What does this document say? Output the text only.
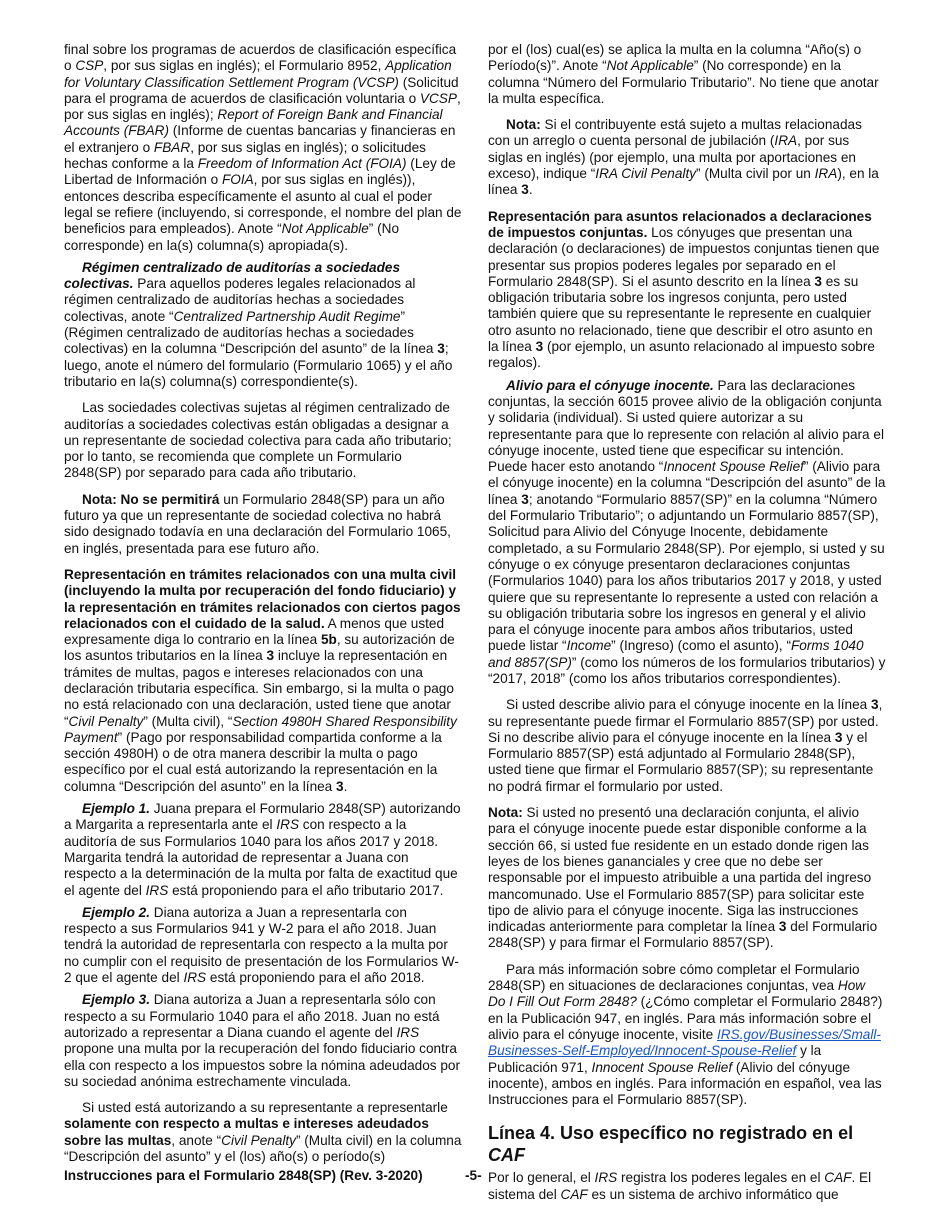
final sobre los programas de acuerdos de clasificación específica o CSP, por sus siglas en inglés); el Formulario 8952, Application for Voluntary Classification Settlement Program (VCSP) (Solicitud para el programa de acuerdos de clasificación voluntaria o VCSP, por sus siglas en inglés); Report of Foreign Bank and Financial Accounts (FBAR) (Informe de cuentas bancarias y financieras en el extranjero o FBAR, por sus siglas en inglés); o solicitudes hechas conforme a la Freedom of Information Act (FOIA) (Ley de Libertad de Información o FOIA, por sus siglas en inglés)), entonces describa específicamente el asunto al cual el poder legal se refiere (incluyendo, si corresponde, el nombre del plan de beneficios para empleados). Anote “Not Applicable” (No corresponde) en la(s) columna(s) apropiada(s).

Régimen centralizado de auditorías a sociedades colectivas. Para aquellos poderes legales relacionados al régimen centralizado de auditorías hechas a sociedades colectivas, anote “Centralized Partnership Audit Regime” (Régimen centralizado de auditorías hechas a sociedades colectivas) en la columna “Descripción del asunto” de la línea 3; luego, anote el número del formulario (Formulario 1065) y el año tributario en la(s) columna(s) correspondiente(s).

Las sociedades colectivas sujetas al régimen centralizado de auditorías a sociedades colectivas están obligadas a designar a un representante de sociedad colectiva para cada año tributario; por lo tanto, se recomienda que complete un Formulario 2848(SP) por separado para cada año tributario.

Nota: No se permitirá un Formulario 2848(SP) para un año futuro ya que un representante de sociedad colectiva no habrá sido designado todavía en una declaración del Formulario 1065, en inglés, presentada para ese futuro año.

Representación en trámites relacionados con una multa civil (incluyendo la multa por recuperación del fondo fiduciario) y la representación en trámites relacionados con ciertos pagos relacionados con el cuidado de la salud. A menos que usted expresamente diga lo contrario en la línea 5b, su autorización de los asuntos tributarios en la línea 3 incluye la representación en trámites de multas, pagos e intereses relacionados con una declaración tributaria específica. Sin embargo, si la multa o pago no está relacionado con una declaración, usted tiene que anotar “Civil Penalty” (Multa civil), “Section 4980H Shared Responsibility Payment” (Pago por responsabilidad compartida conforme a la sección 4980H) o de otra manera describir la multa o pago específico por el cual está autorizando la representación en la columna “Descripción del asunto” en la línea 3.

Ejemplo 1. Juana prepara el Formulario 2848(SP) autorizando a Margarita a representarla ante el IRS con respecto a la auditoría de sus Formularios 1040 para los años 2017 y 2018. Margarita tendrá la autoridad de representar a Juana con respecto a la determinación de la multa por falta de exactitud que el agente del IRS está proponiendo para el año tributario 2017.

Ejemplo 2. Diana autoriza a Juan a representarla con respecto a sus Formularios 941 y W-2 para el año 2018. Juan tendrá la autoridad de representarla con respecto a la multa por no cumplir con el requisito de presentación de los Formularios W-2 que el agente del IRS está proponiendo para el año 2018.

Ejemplo 3. Diana autoriza a Juan a representarla sólo con respecto a su Formulario 1040 para el año 2018. Juan no está autorizado a representar a Diana cuando el agente del IRS propone una multa por la recuperación del fondo fiduciario contra ella con respecto a los impuestos sobre la nómina adeudados por su sociedad anónima estrechamente vinculada.

Si usted está autorizando a su representante a representarle solamente con respecto a multas e intereses adeudados sobre las multas, anote “Civil Penalty” (Multa civil) en la columna “Descripción del asunto” y el (los) año(s) o período(s)

por el (los) cual(es) se aplica la multa en la columna “Año(s) o Período(s)”. Anote “Not Applicable” (No corresponde) en la columna “Número del Formulario Tributario”. No tiene que anotar la multa específica.

Nota: Si el contribuyente está sujeto a multas relacionadas con un arreglo o cuenta personal de jubilación (IRA, por sus siglas en inglés) (por ejemplo, una multa por aportaciones en exceso), indique “IRA Civil Penalty” (Multa civil por un IRA), en la línea 3.

Representación para asuntos relacionados a declaraciones de impuestos conjuntas. Los cónyuges que presentan una declaración (o declaraciones) de impuestos conjuntas tienen que presentar sus propios poderes legales por separado en el Formulario 2848(SP). Si el asunto descrito en la línea 3 es su obligación tributaria sobre los ingresos conjunta, pero usted también quiere que su representante le represente en cualquier otro asunto no relacionado, tiene que describir el otro asunto en la línea 3 (por ejemplo, un asunto relacionado al impuesto sobre regalos).

Alivio para el cónyuge inocente. Para las declaraciones conjuntas, la sección 6015 provee alivio de la obligación conjunta y solidaria (individual). Si usted quiere autorizar a su representante para que lo represente con relación al alivio para el cónyuge inocente, usted tiene que especificar su intención. Puede hacer esto anotando “Innocent Spouse Relief” (Alivio para el cónyuge inocente) en la columna “Descripción del asunto” de la línea 3; anotando “Formulario 8857(SP)” en la columna “Número del Formulario Tributario”; o adjuntando un Formulario 8857(SP), Solicitud para Alivio del Cónyuge Inocente, debidamente completado, a su Formulario 2848(SP). Por ejemplo, si usted y su cónyuge o ex cónyuge presentaron declaraciones conjuntas (Formularios 1040) para los años tributarios 2017 y 2018, y usted quiere que su representante lo represente a usted con relación a su obligación tributaria sobre los ingresos en general y el alivio para el cónyuge inocente para ambos años tributarios, usted puede listar “Income” (Ingreso) (como el asunto), “Forms 1040 and 8857(SP)” (como los números de los formularios tributarios) y “2017, 2018” (como los años tributarios correspondientes).

Si usted describe alivio para el cónyuge inocente en la línea 3, su representante puede firmar el Formulario 8857(SP) por usted. Si no describe alivio para el cónyuge inocente en la línea 3 y el Formulario 8857(SP) está adjuntado al Formulario 2848(SP), usted tiene que firmar el Formulario 8857(SP); su representante no podrá firmar el formulario por usted.

Nota: Si usted no presentó una declaración conjunta, el alivio para el cónyuge inocente puede estar disponible conforme a la sección 66, si usted fue residente en un estado donde rigen las leyes de los bienes gananciales y cree que no debe ser responsable por el impuesto atribuible a una partida del ingreso mancomunado. Use el Formulario 8857(SP) para solicitar este tipo de alivio para el cónyuge inocente. Siga las instrucciones indicadas anteriormente para completar la línea 3 del Formulario 2848(SP) y para firmar el Formulario 8857(SP).

Para más información sobre cómo completar el Formulario 2848(SP) en situaciones de declaraciones conjuntas, vea How Do I Fill Out Form 2848? (¿Cómo completar el Formulario 2848?) en la Publicación 947, en inglés. Para más información sobre el alivio para el cónyuge inocente, visite IRS.gov/Businesses/Small-Businesses-Self-Employed/Innocent-Spouse-Relief y la Publicación 971, Innocent Spouse Relief (Alivio del cónyuge inocente), ambos en inglés. Para información en español, vea las Instrucciones para el Formulario 8857(SP).

Línea 4. Uso específico no registrado en el CAF

Por lo general, el IRS registra los poderes legales en el CAF. El sistema del CAF es un sistema de archivo informático que

Instrucciones para el Formulario 2848(SP) (Rev. 3-2020)	-5-
